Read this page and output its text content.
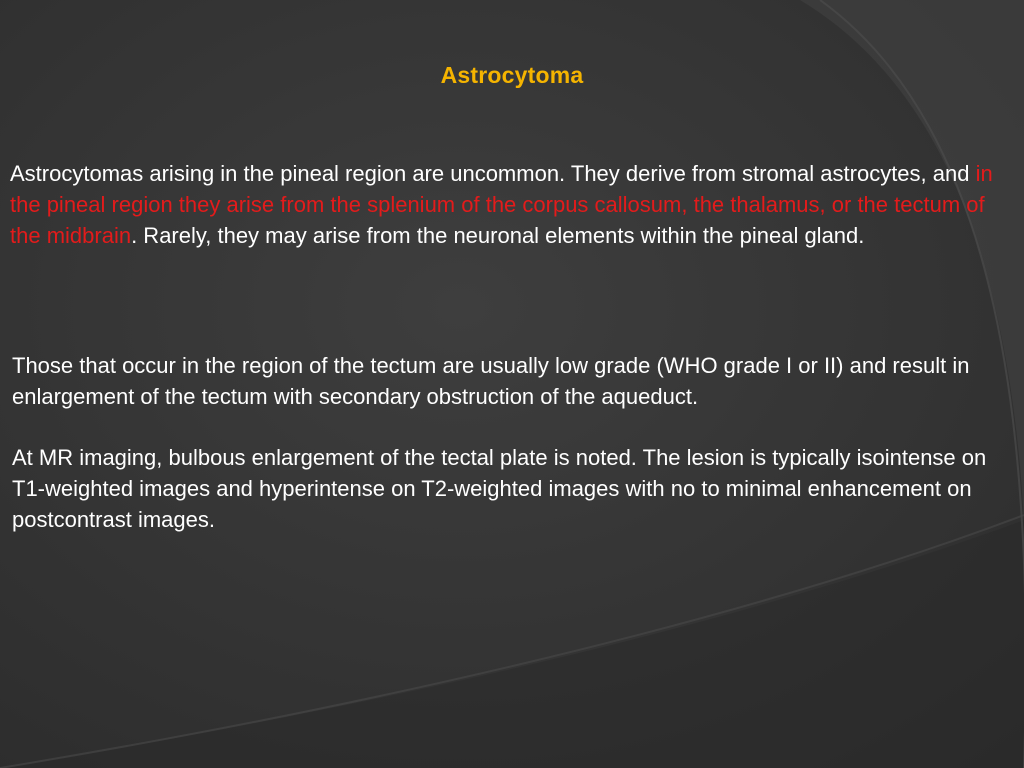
Astrocytoma

Astrocytomas arising in the pineal region are uncommon. They derive from stromal astrocytes, and in the pineal region they arise from the splenium of the corpus callosum, the thalamus, or the tectum of the midbrain. Rarely, they may arise from the neuronal elements within the pineal gland.

Those that occur in the region of the tectum are usually low grade (WHO grade I or II) and result in enlargement of the tectum with secondary obstruction of the aqueduct.

At MR imaging, bulbous enlargement of the tectal plate is noted. The lesion is typically isointense on T1-weighted images and hyperintense on T2-weighted images with no to minimal enhancement on postcontrast images.
